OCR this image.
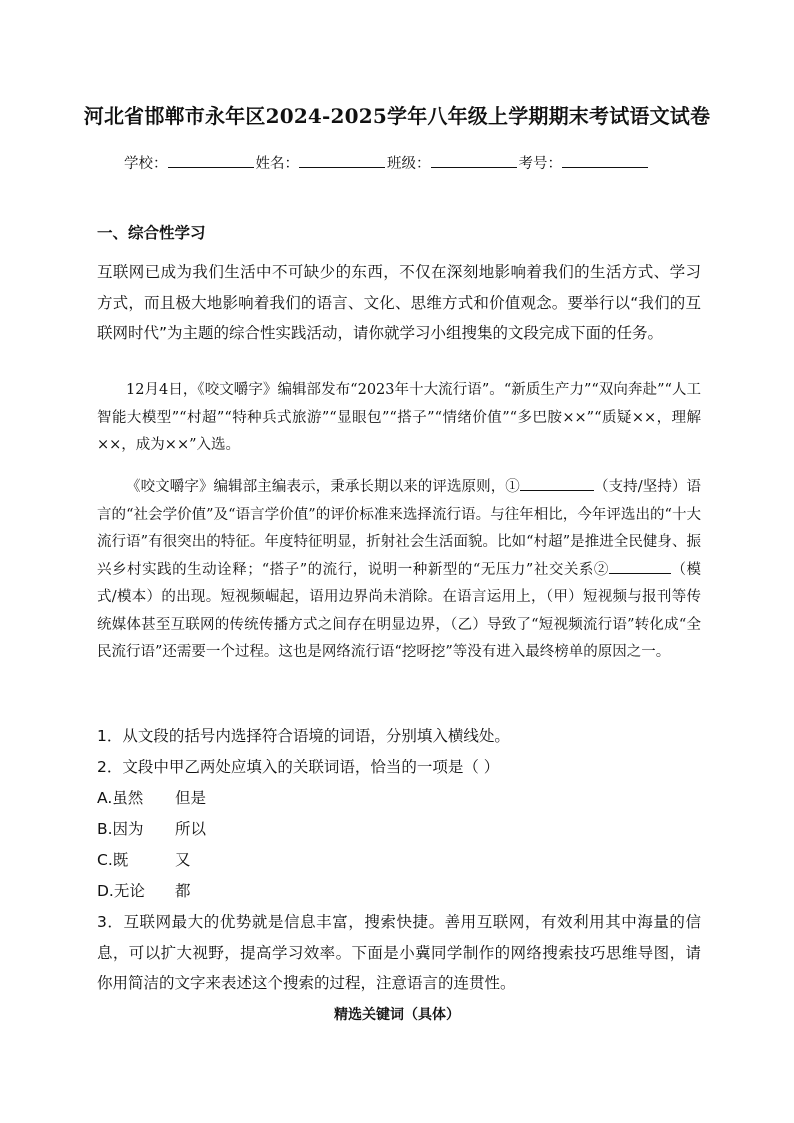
河北省邯郸市永年区2024-2025学年八年级上学期期末考试语文试卷
学校：	姓名：	班级：	考号：
一、综合性学习
互联网已成为我们生活中不可缺少的东西，不仅在深刻地影响着我们的生活方式、学习方式，而且极大地影响着我们的语言、文化、思维方式和价值观念。要举行以“我们的互联网时代”为主题的综合性实践活动，请你就学习小组搜集的文段完成下面的任务。
12月4日，《咬文嚼字》编辑部发布“2023年十大流行语”。“新质生产力”“双向奔赴”“人工智能大模型”“村超”“特种兵式旅游”“显眼包”“搭子”“情绪价值”“多巴胺××”“质疑××，理解××，成为××”入选。
《咬文嚼字》编辑部主编表示，秉承长期以来的评选原则，①	（支持/坚持）语言的“社会学价值”及“语言学价值”的评价标准来选择流行语。与往年相比，今年评选出的“十大流行语”有很突出的特征。年度特征明显，折射社会生活面貌。比如“村超”是推进全民健身、振兴乡村实践的生动诠释；“搭子”的流行，说明一种新型的“无压力”社交关系②	（模式/模本）的出现。短视频崛起，语用边界尚未消除。在语言运用上，（甲）短视频与报刊等传统媒体甚至互联网的传统传播方式之间存在明显边界，（乙）导致了“短视频流行语”转化成“全民流行语”还需要一个过程。这也是网络流行语“挖呀挖”等没有进入最终榜单的原因之一。
1．从文段的括号内选择符合语境的词语，分别填入横线处。
2．文段中甲乙两处应填入的关联词语，恰当的一项是（ ）
A.虽然 但是
B.因为 所以
C.既	又
D.无论 都
3．互联网最大的优势就是信息丰富，搜索快捷。善用互联网，有效利用其中海量的信息，可以扩大视野，提高学习效率。下面是小冀同学制作的网络搜索技巧思维导图，请你用简洁的文字来表述这个搜索的过程，注意语言的连贯性。
精选关键词（具体）
